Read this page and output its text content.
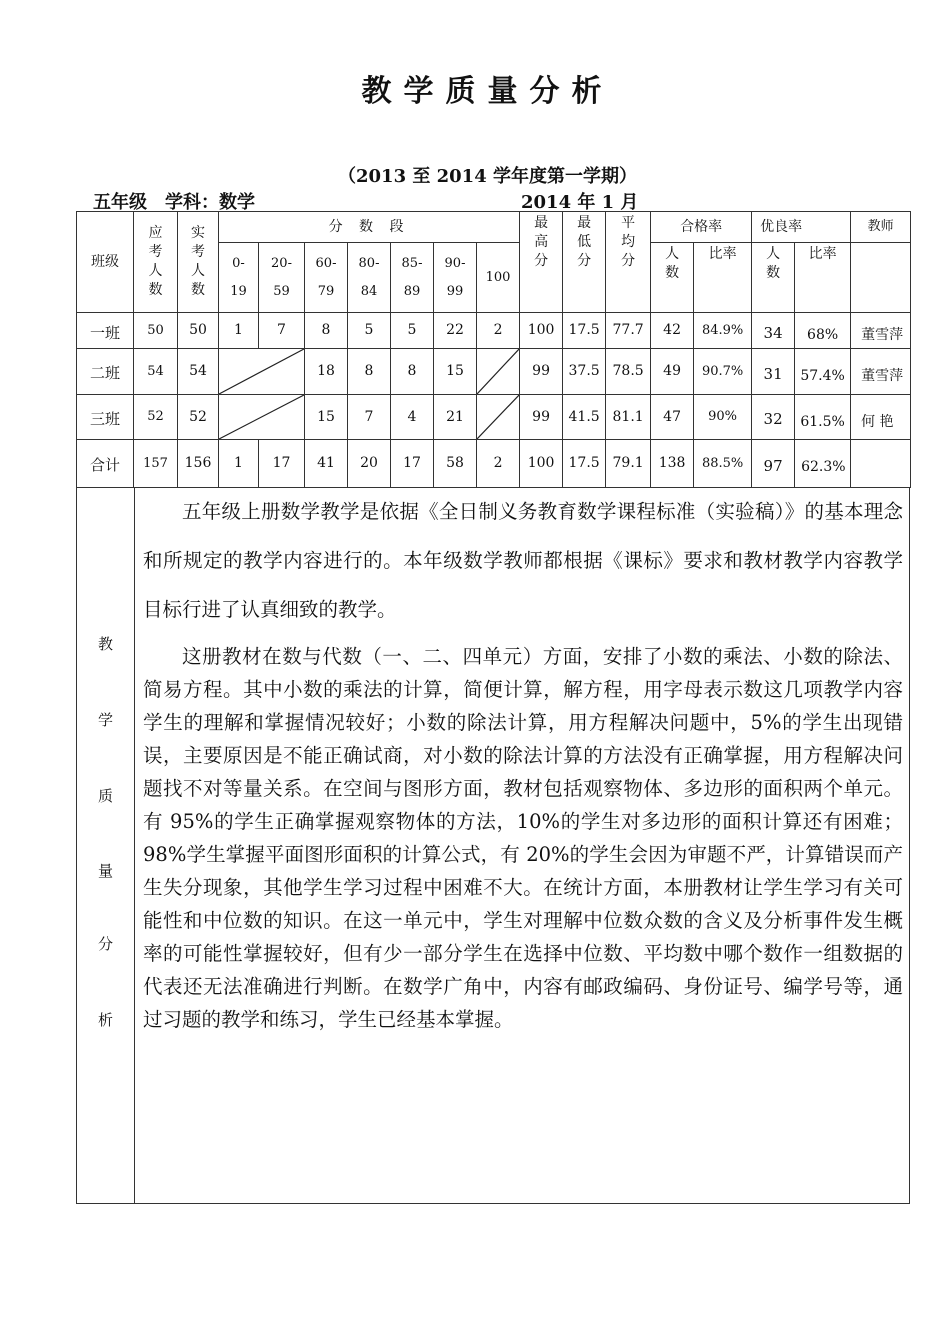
教学质量分析
（2013 至 2014 学年度第一学期）
五年级 学科：数学	2014 年 1 月
班级	应考人数	实考人数	分 数 段							最高分	最低分	平均分	合格率		优良率		教师
			0-19	20-59	60-79	80-84	85-89	90-99	100				人数	比率	人数	比率	
一班	50	50	1	7	8	5	5	22	2	100	17.5	77.7	42	84.9%	34	68%	董雪萍
二班	54	54			18	8	8	15		99	37.5	78.5	49	90.7%	31	57.4%	董雪萍
三班	52	52			15	7	4	21		99	41.5	81.1	47	90%	32	61.5%	何 艳
合计	157	156	1	17	41	20	17	58	2	100	17.5	79.1	138	88.5%	97	62.3%	
教
学
质
量
分
析

五年级上册数学教学是依据《全日制义务教育数学课程标准（实验稿）》的基本理念和所规定的教学内容进行的。本年级数学教师都根据《课标》要求和教材教学内容教学目标行进了认真细致的教学。

这册教材在数与代数（一、二、四单元）方面，安排了小数的乘法、小数的除法、简易方程。其中小数的乘法的计算，简便计算，解方程，用字母表示数这几项教学内容学生的理解和掌握情况较好；小数的除法计算，用方程解决问题中，5%的学生出现错误，主要原因是不能正确试商，对小数的除法计算的方法没有正确掌握，用方程解决问题找不对等量关系。在空间与图形方面，教材包括观察物体、多边形的面积两个单元。有 95%的学生正确掌握观察物体的方法，10%的学生对多边形的面积计算还有困难；98%学生掌握平面图形面积的计算公式，有 20%的学生会因为审题不严，计算错误而产生失分现象，其他学生学习过程中困难不大。在统计方面，本册教材让学生学习有关可能性和中位数的知识。在这一单元中，学生对理解中位数众数的含义及分析事件发生概率的可能性掌握较好，但有少一部分学生在选择中位数、平均数中哪个数作一组数据的代表还无法准确进行判断。在数学广角中，内容有邮政编码、身份证号、编学号等，通过习题的教学和练习，学生已经基本掌握。
